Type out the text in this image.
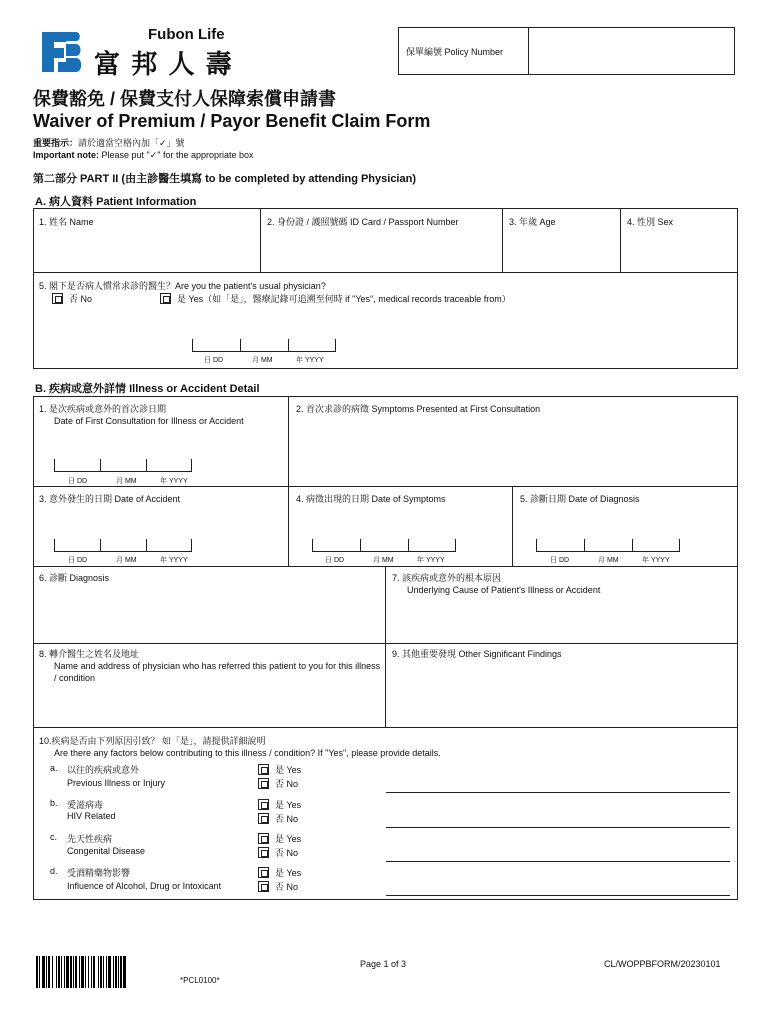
Fubon Life
富 邦 人 壽	保單編號 Policy Number
保費豁免 / 保費支付人保障索償申請書
Waiver of Premium / Payor Benefit Claim Form
重要指示：請於適當空格內加「✓」號
Important note: Please put "✓" for the appropriate box
第二部分 PART II (由主診醫生填寫 to be completed by attending Physician)
A. 病人資料 Patient Information
1. 姓名 Name	2. 身份證 / 護照號碼 ID Card / Passport Number	3. 年歲 Age	4. 性別 Sex
5. 閣下是否病人慣常求診的醫生？Are you the patient's usual physician?
否 No	是 Yes（如「是」，醫療記錄可追溯至何時 if "Yes", medical records traceable from）
日 DD	月 MM	年 YYYY
B. 疾病或意外詳情 Illness or Accident Detail
1. 是次疾病或意外的首次診日期
Date of First Consultation for Illness or Accident
日 DD	月 MM	年 YYYY
2. 首次求診的病徵 Symptoms Presented at First Consultation
3. 意外發生的日期 Date of Accident
日 DD	月 MM	年 YYYY
4. 病徵出現的日期 Date of Symptoms
日 DD	月 MM	年 YYYY
5. 診斷日期 Date of Diagnosis
日 DD	月 MM	年 YYYY
6. 診斷 Diagnosis	7. 該疾病或意外的根本原因
Underlying Cause of Patient's Illness or Accident
8. 轉介醫生之姓名及地址
Name and address of physician who has referred this patient to you for this illness / condition
9. 其他重要發現 Other Significant Findings
10.疾病是否由下列原因引致？ 如「是」，請提供詳細說明
Are there any factors below contributing to this illness / condition? If "Yes", please provide details.
a. 以往的疾病或意外
Previous Illness or Injury
是 Yes
否 No
b. 愛滋病毒
HIV Related
是 Yes
否 No
c. 先天性疾病
Congenital Disease
是 Yes
否 No
d. 受酒精藥物影響
Influence of Alcohol, Drug or Intoxicant
是 Yes
否 No
*PCL0100*
Page 1 of 3	CL/WOPPBFORM/20230101
